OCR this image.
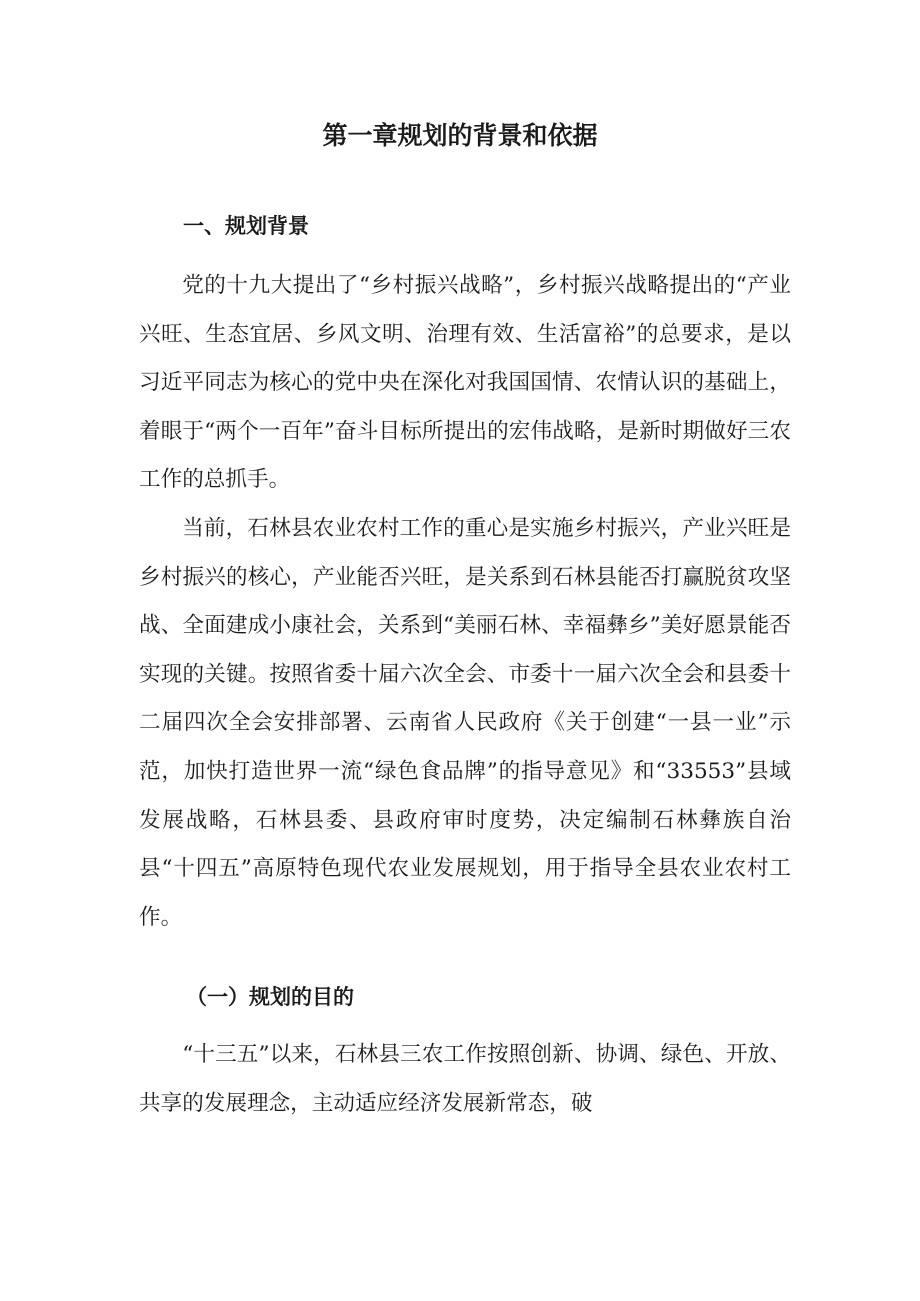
第一章规划的背景和依据
一、规划背景

党的十九大提出了“乡村振兴战略”，乡村振兴战略提出的“产业兴旺、生态宜居、乡风文明、治理有效、生活富裕”的总要求，是以习近平同志为核心的党中央在深化对我国国情、农情认识的基础上，着眼于“两个一百年”奋斗目标所提出的宏伟战略，是新时期做好三农工作的总抓手。

当前，石林县农业农村工作的重心是实施乡村振兴，产业兴旺是乡村振兴的核心，产业能否兴旺，是关系到石林县能否打赢脱贫攻坚战、全面建成小康社会，关系到“美丽石林、幸福彝乡”美好愿景能否实现的关键。按照省委十届六次全会、市委十一届六次全会和县委十二届四次全会安排部署、云南省人民政府《关于创建“一县一业”示范，加快打造世界一流“绿色食品牌”的指导意见》和“33553”县域发展战略，石林县委、县政府审时度势，决定编制石林彝族自治县“十四五”高原特色现代农业发展规划，用于指导全县农业农村工作。

（一）规划的目的

“十三五”以来，石林县三农工作按照创新、协调、绿色、开放、共享的发展理念，主动适应经济发展新常态，破
